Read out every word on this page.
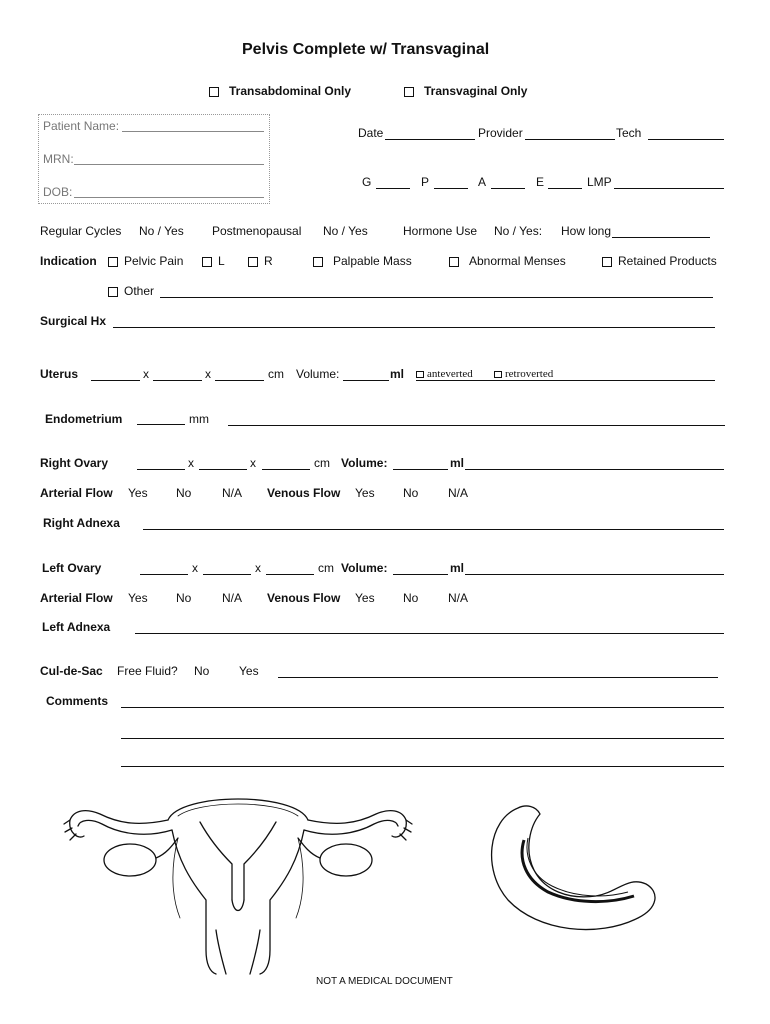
Pelvis Complete w/ Transvaginal
Transabdominal Only	Transvaginal Only
Patient Name:
MRN:
DOB:
Date	Provider	Tech
G	P	A	E	LMP
Regular Cycles No / Yes Postmenopausal No / Yes	Hormone Use No / Yes: How long
Indication	Pelvic Pain	L	R	Palpable Mass	Abnormal Menses	Retained Products
Other
Surgical Hx
Uterus	x	x	cm Volume:	ml	anteverted	retroverted
Endometrium	mm
Right Ovary	x	x	cm Volume:	ml
Arterial Flow Yes No	N/A Venous Flow Yes No N/A
Right Adnexa
Left Ovary	x	x	cm Volume:	ml
Arterial Flow Yes No	N/A Venous Flow Yes No N/A
Left Adnexa
Cul-de-Sac Free Fluid? No Yes
Comments
NOT A MEDICAL DOCUMENT
